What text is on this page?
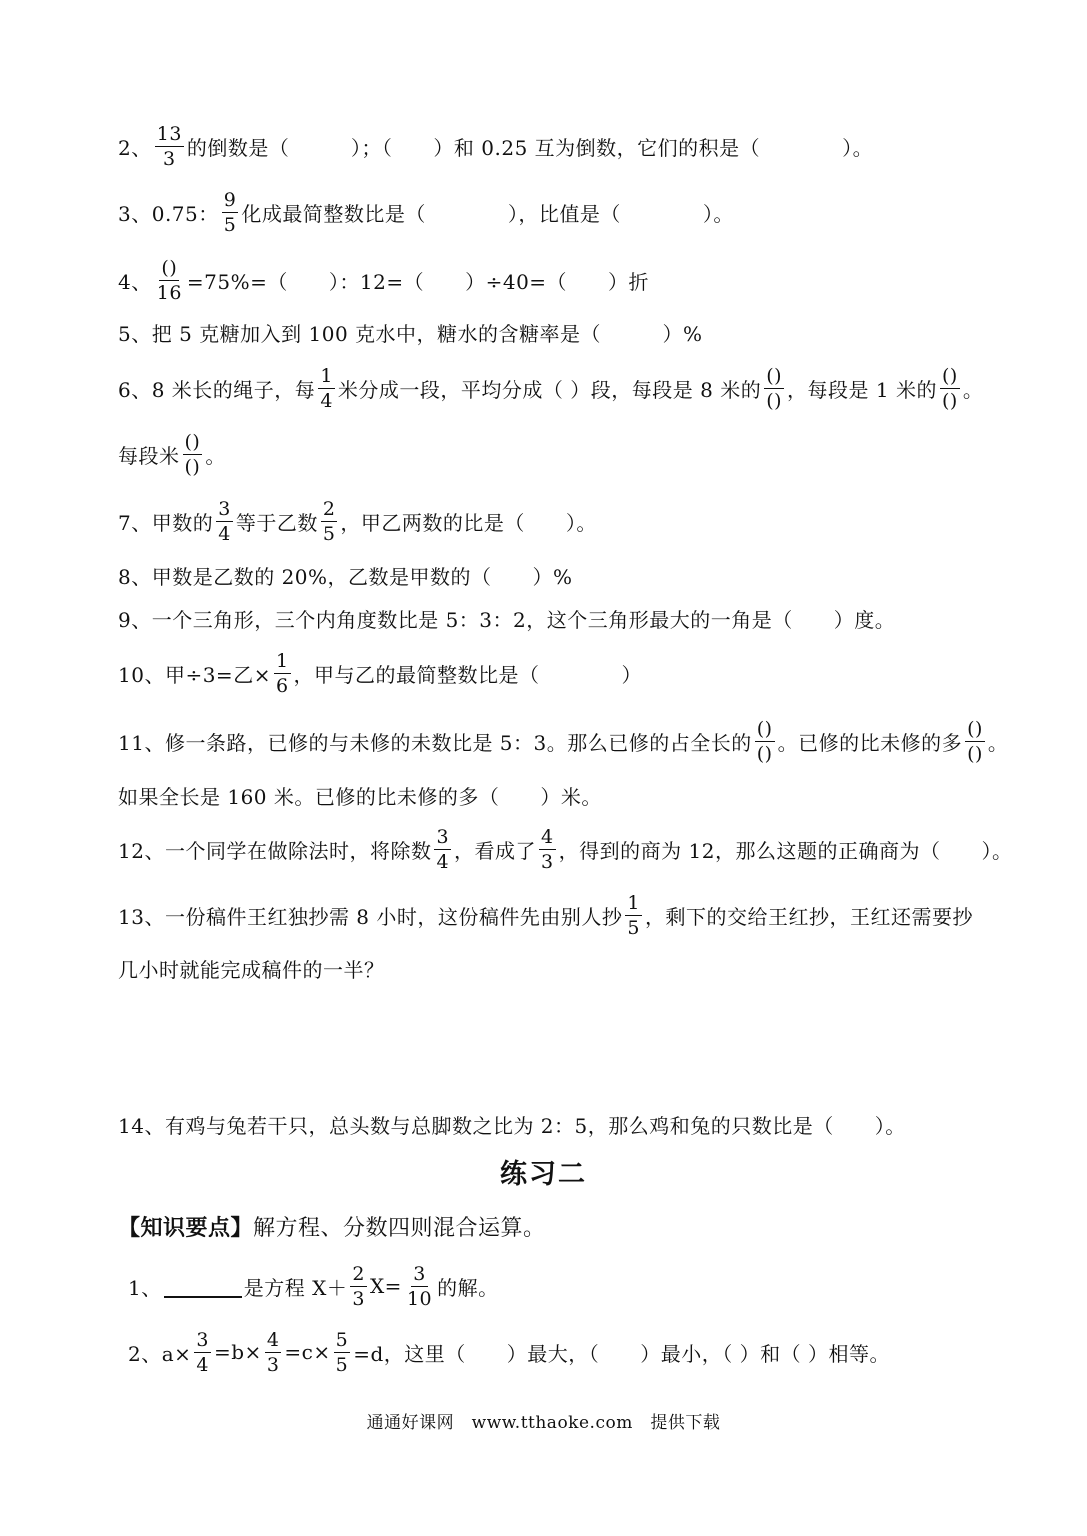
2、 $\frac{13}{3}$ 的倒数是（　　　）；（　　）和 0.25 互为倒数，它们的积是（　　　　）。
3、0.75： $\frac{9}{5}$ 化成最简整数比是（　　　　），比值是（　　　　）。
4、 $\frac{()}{16} =75\%=$（　　）：12=（　　）÷40=（　　）折
5、把 5 克糖加入到 100 克水中，糖水的含糖率是（　　　）%
6、8 米长的绳子，每 $\frac{1}{4}$ 米分成一段，平均分成（ ）段，每段是 8 米的 $\frac{()}{()}$ ，每段是 1 米的 $\frac{()}{()}$ 。
每段米 $\frac{()}{()}$ 。
7、甲数的 $\frac{3}{4}$ 等于乙数 $\frac{2}{5}$ ，甲乙两数的比是（　　）。
8、甲数是乙数的 20%，乙数是甲数的（　　）%
9、一个三角形，三个内角度数比是 5：3：2，这个三角形最大的一角是（　　）度。
10、甲÷3=乙× $\frac{1}{6}$ ，甲与乙的最简整数比是（　　　　）
11、修一条路，已修的与未修的未数比是 5：3。那么已修的占全长的 $\frac{()}{()}$ 。已修的比未修的多 $\frac{()}{()}$ 。
如果全长是 160 米。已修的比未修的多（　　）米。
12、一个同学在做除法时，将除数 $\frac{3}{4}$ ，看成了 $\frac{4}{3}$ ，得到的商为 12，那么这题的正确商为（　　）。
13、一份稿件王红独抄需 8 小时，这份稿件先由别人抄 $\frac{1}{5}$ ，剩下的交给王红抄，王红还需要抄
几小时就能完成稿件的一半？
14、有鸡与兔若干只，总头数与总脚数之比为 2：5，那么鸡和兔的只数比是（　　）。
练习二
【知识要点】 解方程、分数四则混合运算。
1、	是方程 $X+ \frac{2}{3} X= \frac{3}{10}$ 的解。
2、$a\times \frac{3}{4} =b\times \frac{4}{3} =c\times \frac{5}{5} =d$，这里（　　）最大，（　　）最小，（ ）和（ ）相等。
通通好课网　www.tthaoke.com　提供下载
